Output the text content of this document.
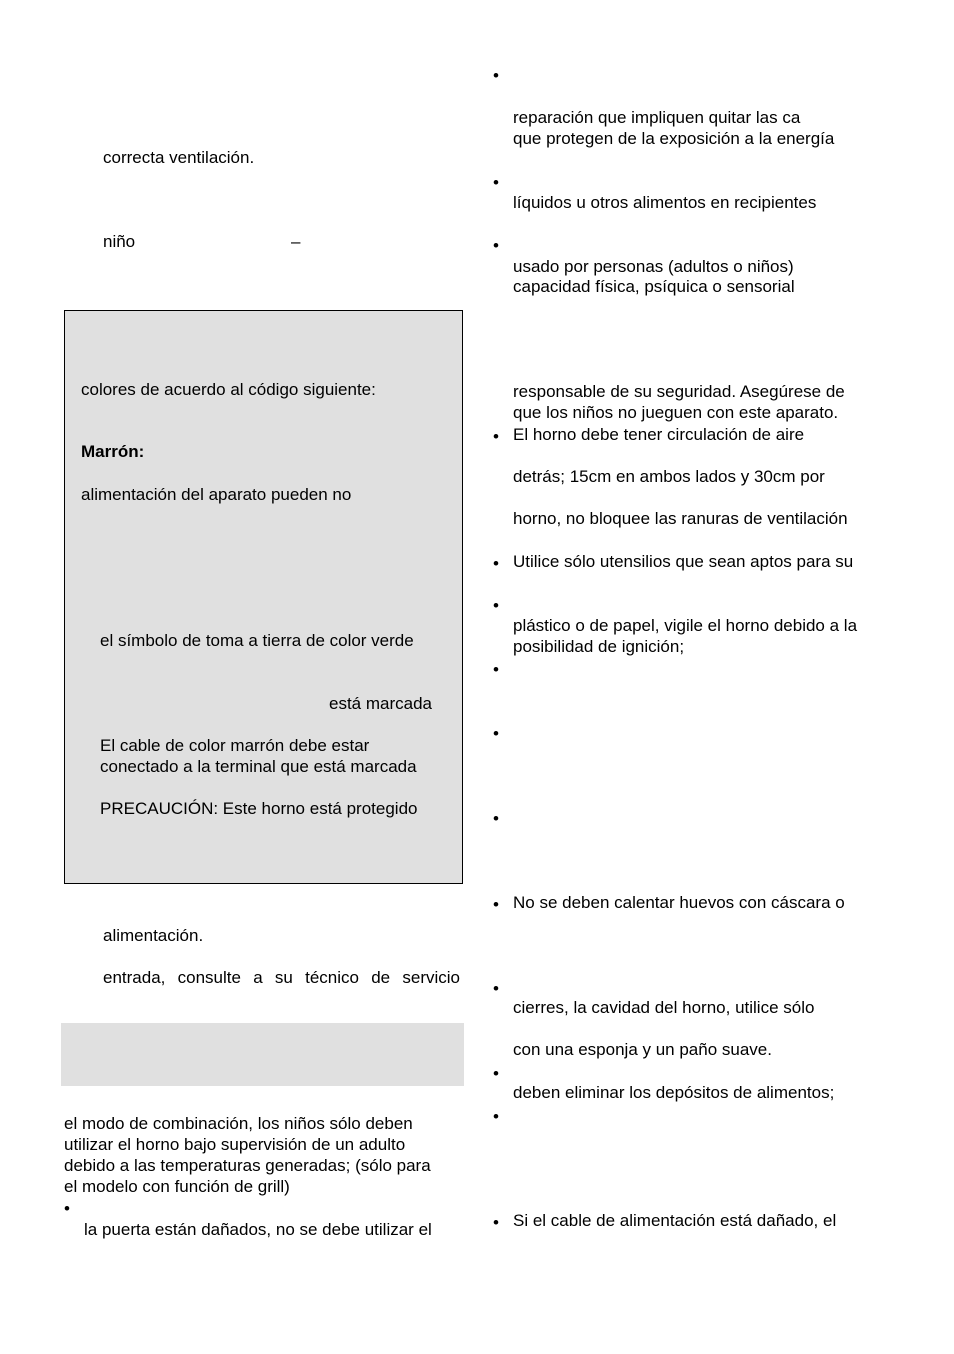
correcta ventilación.
niño	–
colores de acuerdo al código siguiente:
Marrón:
alimentación del aparato pueden no
el símbolo de toma a tierra de color verde
está marcada
El cable de color marrón debe estar
conectado a la terminal que está marcada
PRECAUCIÓN: Este horno está protegido
alimentación.
entrada, consulte a su técnico de servicio
el modo de combinación, los niños sólo deben
utilizar el horno bajo supervisión de un adulto
debido a las temperaturas generadas; (sólo para
el modelo con función de grill)
•
la puerta están dañados, no se debe utilizar el
•
reparación que impliquen quitar las ca
que protegen de la exposición a la energía
•
líquidos u otros alimentos en recipientes
•
usado por personas (adultos o niños)
capacidad física, psíquica o sensorial
responsable de su seguridad. Asegúrese de
que los niños no jueguen con este aparato.
• El horno debe tener circulación de aire
detrás; 15cm en ambos lados y 30cm por
horno, no bloquee las ranuras de ventilación
• Utilice sólo utensilios que sean aptos para su
•
plástico o de papel, vigile el horno debido a la
posibilidad de ignición;
•
•
•
• No se deben calentar huevos con cáscara o
•
cierres, la cavidad del horno, utilice sólo
con una esponja y un paño suave.
•
deben eliminar los depósitos de alimentos;
•
• Si el cable de alimentación está dañado, el
